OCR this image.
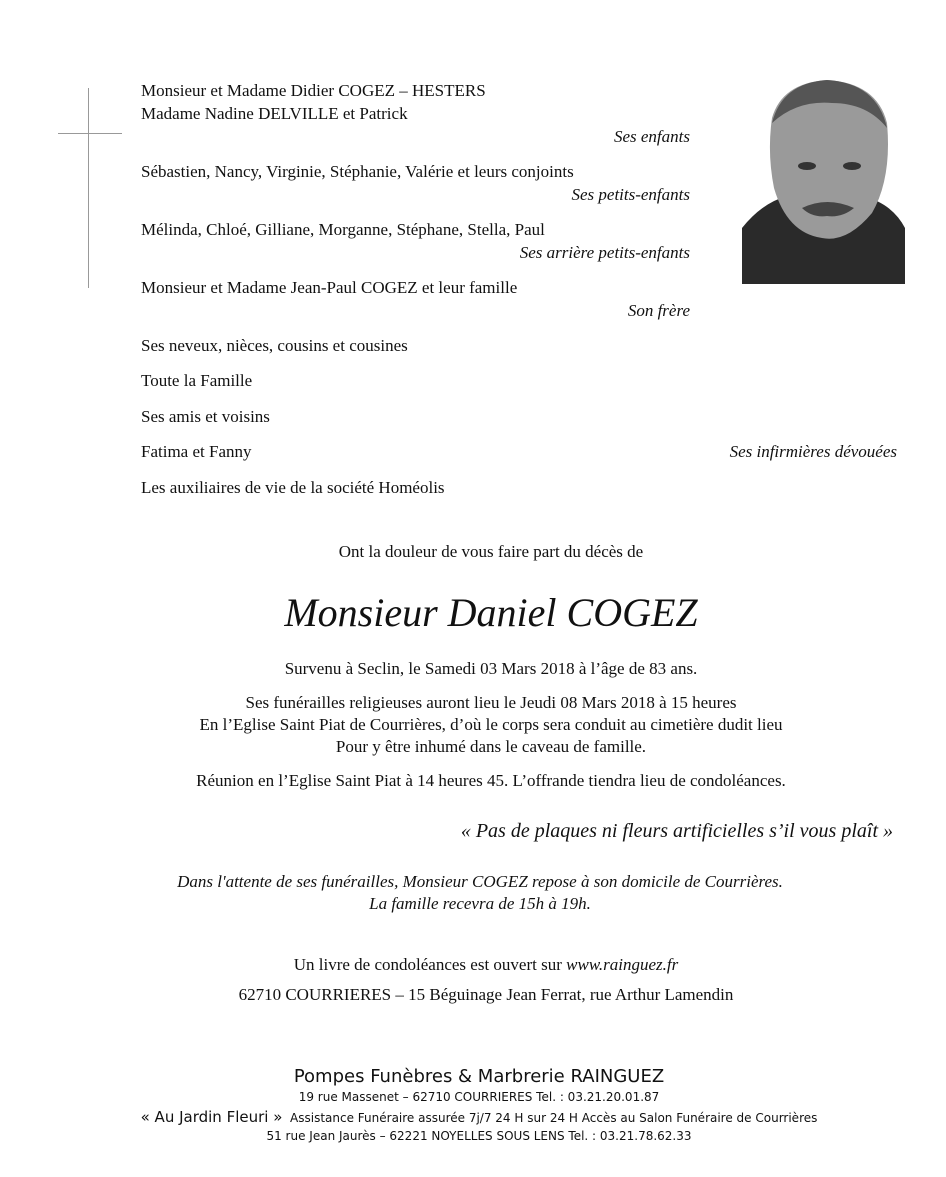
Monsieur et Madame Didier COGEZ – HESTERS
Madame Nadine DELVILLE et Patrick
Ses enfants
Sébastien, Nancy, Virginie, Stéphanie, Valérie et leurs conjoints
Ses petits-enfants
Mélinda, Chloé, Gilliane, Morganne, Stéphane, Stella, Paul
Ses arrière petits-enfants
Monsieur et Madame Jean-Paul COGEZ et leur famille
Son frère
Ses neveux, nièces, cousins et cousines
Toute la Famille
Ses amis et voisins
Fatima et Fanny	Ses infirmières dévouées
Les auxiliaires de vie de la société Homéolis
Ont la douleur de vous faire part du décès de
Monsieur Daniel COGEZ
Survenu à Seclin, le Samedi 03 Mars 2018 à l’âge de 83 ans.
Ses funérailles religieuses auront lieu le Jeudi 08 Mars 2018 à 15 heures
En l’Eglise Saint Piat de Courrières, d’où le corps sera conduit au cimetière dudit lieu
Pour y être inhumé dans le caveau de famille.
Réunion en l’Eglise Saint Piat à 14 heures 45. L’offrande tiendra lieu de condoléances.
« Pas de plaques ni fleurs artificielles s’il vous plaît »
Dans l'attente de ses funérailles, Monsieur COGEZ repose à son domicile de Courrières.
La famille recevra de 15h à 19h.
Un livre de condoléances est ouvert sur www.rainguez.fr
62710 COURRIERES – 15 Béguinage Jean Ferrat, rue Arthur Lamendin
Pompes Funèbres & Marbrerie RAINGUEZ
19 rue Massenet – 62710 COURRIERES Tel. : 03.21.20.01.87
« Au Jardin Fleuri » Assistance Funéraire assurée 7j/7 24 H sur 24 H Accès au Salon Funéraire de Courrières
51 rue Jean Jaurès – 62221 NOYELLES SOUS LENS Tel. : 03.21.78.62.33
